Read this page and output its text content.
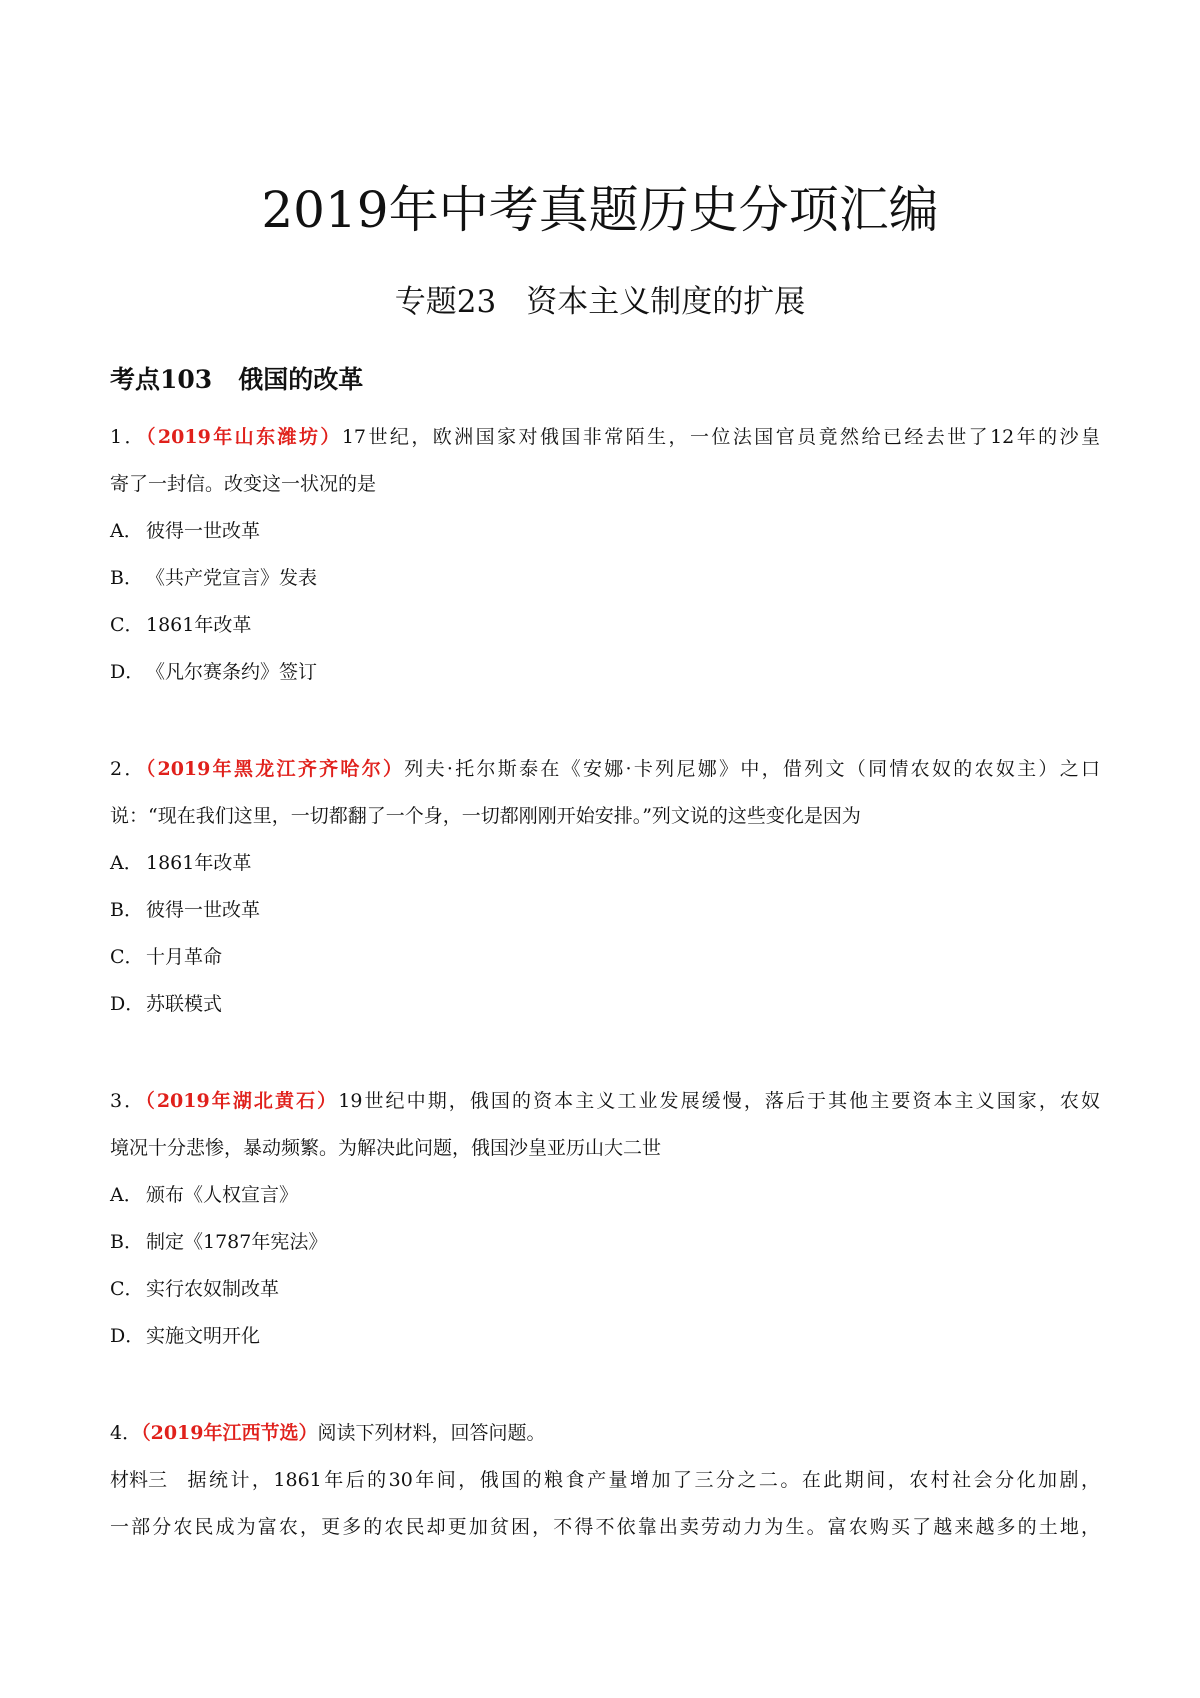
2019年中考真题历史分项汇编
专题23 资本主义制度的扩展
考点103 俄国的改革
1．（2019年山东潍坊）17世纪，欧洲国家对俄国非常陌生，一位法国官员竟然给已经去世了12年的沙皇
寄了一封信。改变这一状况的是
A． 彼得一世改革
B． 《共产党宣言》发表
C． 1861年改革
D．《凡尔赛条约》签订
2．（2019年黑龙江齐齐哈尔）列夫·托尔斯泰在《安娜·卡列尼娜》中，借列文（同情农奴的农奴主）之口
说：“现在我们这里，一切都翻了一个身，一切都刚刚开始安排。”列文说的这些变化是因为
A． 1861年改革
B． 彼得一世改革
C． 十月革命
D．苏联模式
3．（2019年湖北黄石）19世纪中期，俄国的资本主义工业发展缓慢，落后于其他主要资本主义国家，农奴
境况十分悲惨，暴动频繁。为解决此问题，俄国沙皇亚历山大二世
A． 颁布《人权宣言》
B． 制定《1787年宪法》
C． 实行农奴制改革
D．实施文明开化
4．（2019年江西节选）阅读下列材料，回答问题。
材料三 据统计，1861年后的30年间，俄国的粮食产量增加了三分之二。在此期间，农村社会分化加剧，
一部分农民成为富农，更多的农民却更加贫困，不得不依靠出卖劳动力为生。富农购买了越来越多的土地，
